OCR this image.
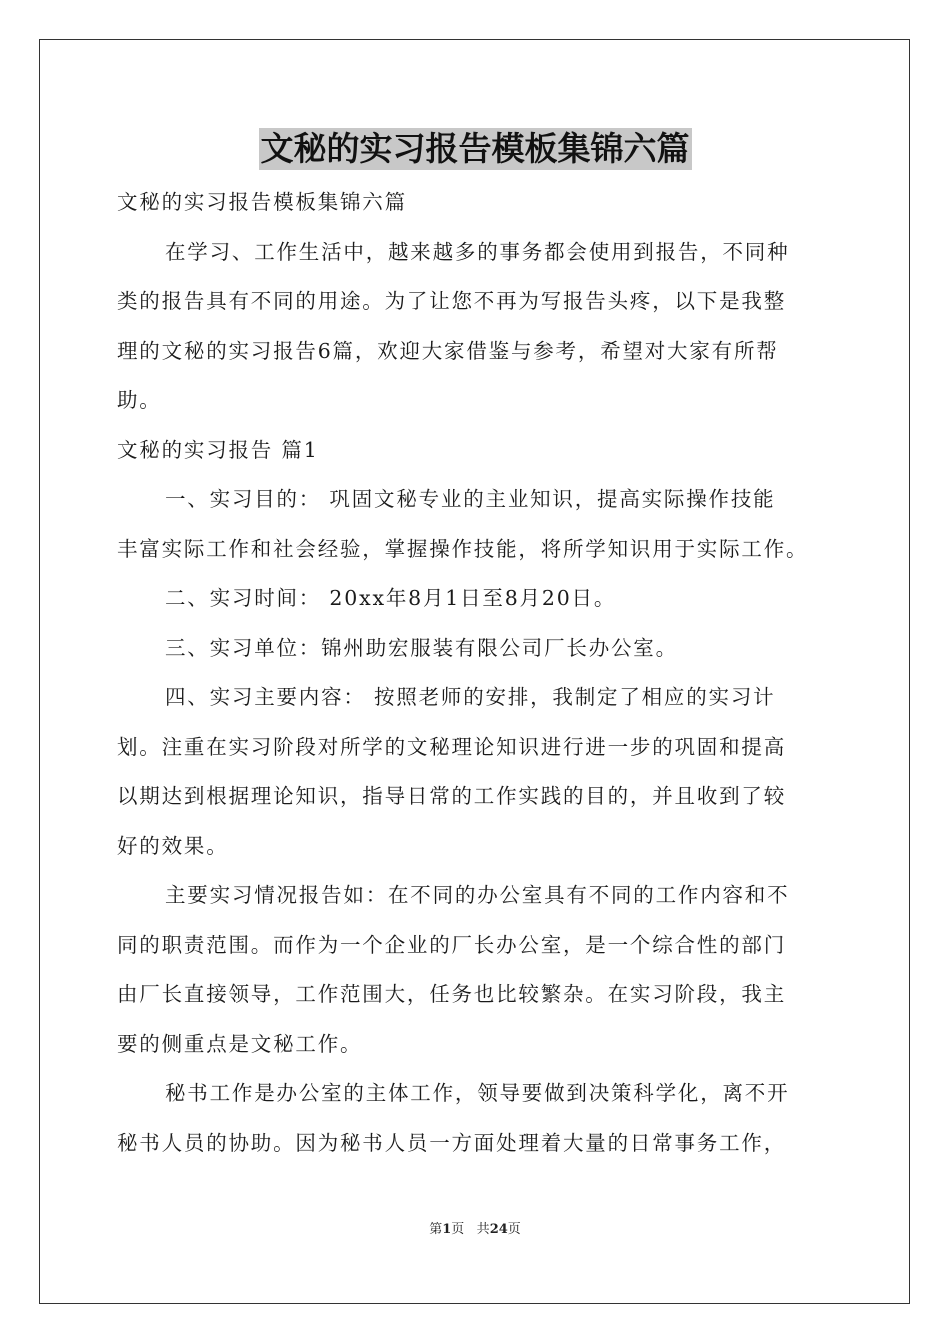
文秘的实习报告模板集锦六篇
文秘的实习报告模板集锦六篇
在学习、工作生活中，越来越多的事务都会使用到报告，不同种
类的报告具有不同的用途。为了让您不再为写报告头疼，以下是我整
理的文秘的实习报告6篇，欢迎大家借鉴与参考，希望对大家有所帮
助。
文秘的实习报告 篇1
一、实习目的： 巩固文秘专业的主业知识，提高实际操作技能
丰富实际工作和社会经验，掌握操作技能，将所学知识用于实际工作。
二、实习时间： 20xx年8月1日至8月20日。
三、实习单位：锦州助宏服装有限公司厂长办公室。
四、实习主要内容： 按照老师的安排，我制定了相应的实习计
划。注重在实习阶段对所学的文秘理论知识进行进一步的巩固和提高
以期达到根据理论知识，指导日常的工作实践的目的，并且收到了较
好的效果。
主要实习情况报告如：在不同的办公室具有不同的工作内容和不
同的职责范围。而作为一个企业的厂长办公室，是一个综合性的部门
由厂长直接领导，工作范围大，任务也比较繁杂。在实习阶段，我主
要的侧重点是文秘工作。
秘书工作是办公室的主体工作，领导要做到决策科学化，离不开
秘书人员的协助。因为秘书人员一方面处理着大量的日常事务工作，
第1页 共24页
